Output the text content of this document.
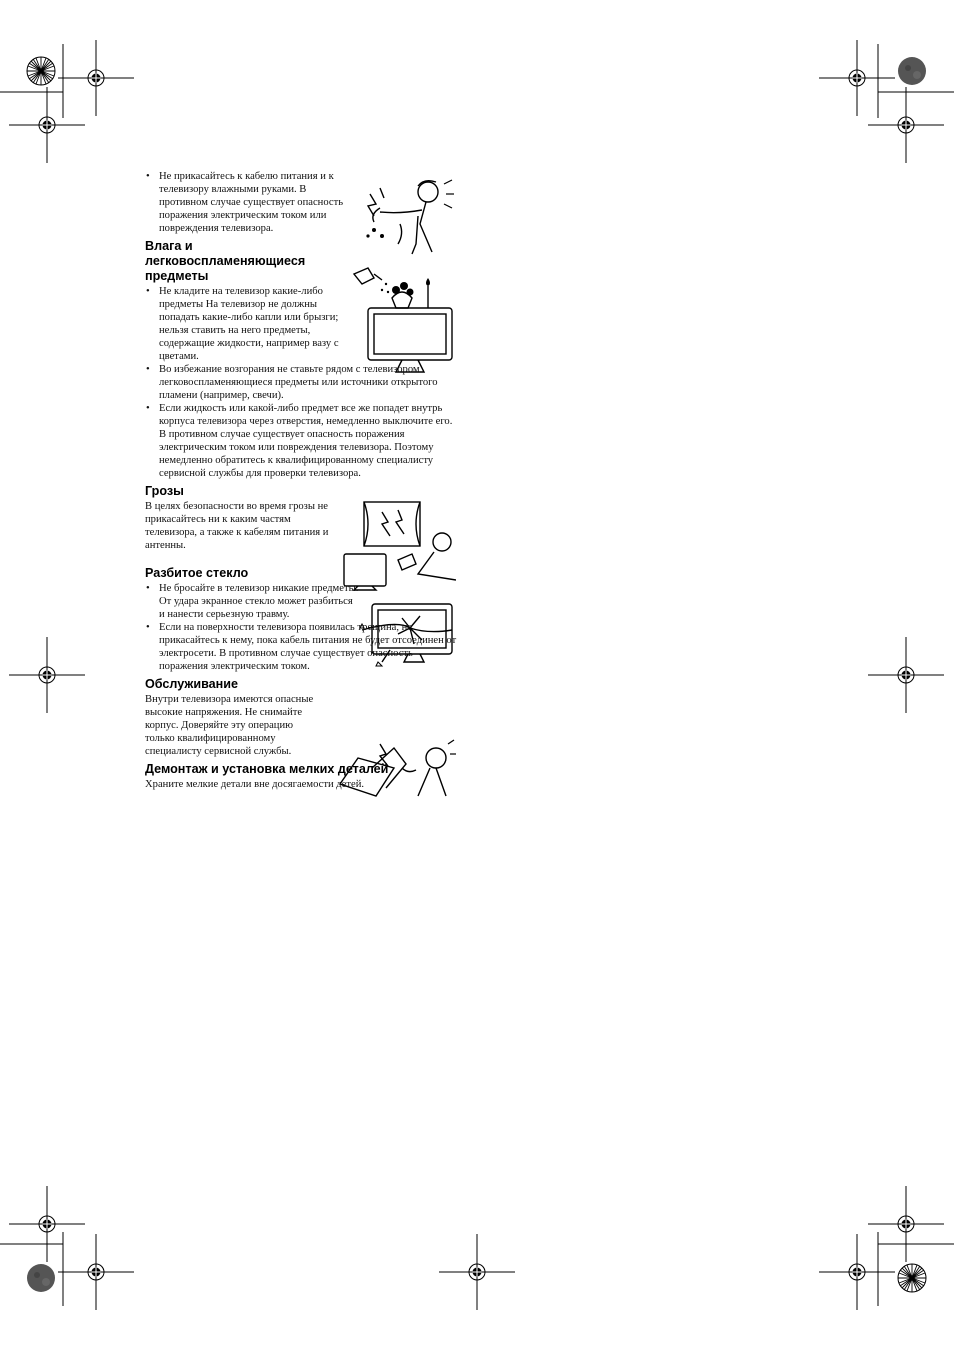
• Не прикасайтесь к кабелю питания и к телевизору влажными руками. В противном случае существует опасность поражения электрическим током или повреждения телевизора.
Влага и легковоспламеняющиеся предметы
• Не кладите на телевизор какие-либо предметы На телевизор не должны попадать какие-либо капли или брызги; нельзя ставить на него предметы, содержащие жидкости, например вазу с цветами.
• Во избежание возгорания не ставьте рядом с телевизором легковоспламеняющиеся предметы или источники открытого пламени (например, свечи).
• Если жидкость или какой-либо предмет все же попадет внутрь корпуса телевизора через отверстия, немедленно выключите его. В противном случае существует опасность поражения электрическим током или повреждения телевизора. Поэтому немедленно обратитесь к квалифицированному специалисту сервисной службы для проверки телевизора.
Грозы

В целях безопасности во время грозы не прикасайтесь ни к каким частям телевизора, а также к кабелям питания и антенны.

Разбитое стекло
• Не бросайте в телевизор никакие предметы. От удара экранное стекло может разбиться и нанести серьезную травму.
• Если на поверхности телевизора появилась трещина, не прикасайтесь к нему, пока кабель питания не будет отсоединен от электросети. В противном случае существует опасность поражения электрическим током.
Обслуживание

Внутри телевизора имеются опасные высокие напряжения. Не снимайте корпус. Доверяйте эту операцию только квалифицированному специалисту сервисной службы.

Демонтаж и установка мелких деталей

Храните мелкие детали вне досягаемости детей.
